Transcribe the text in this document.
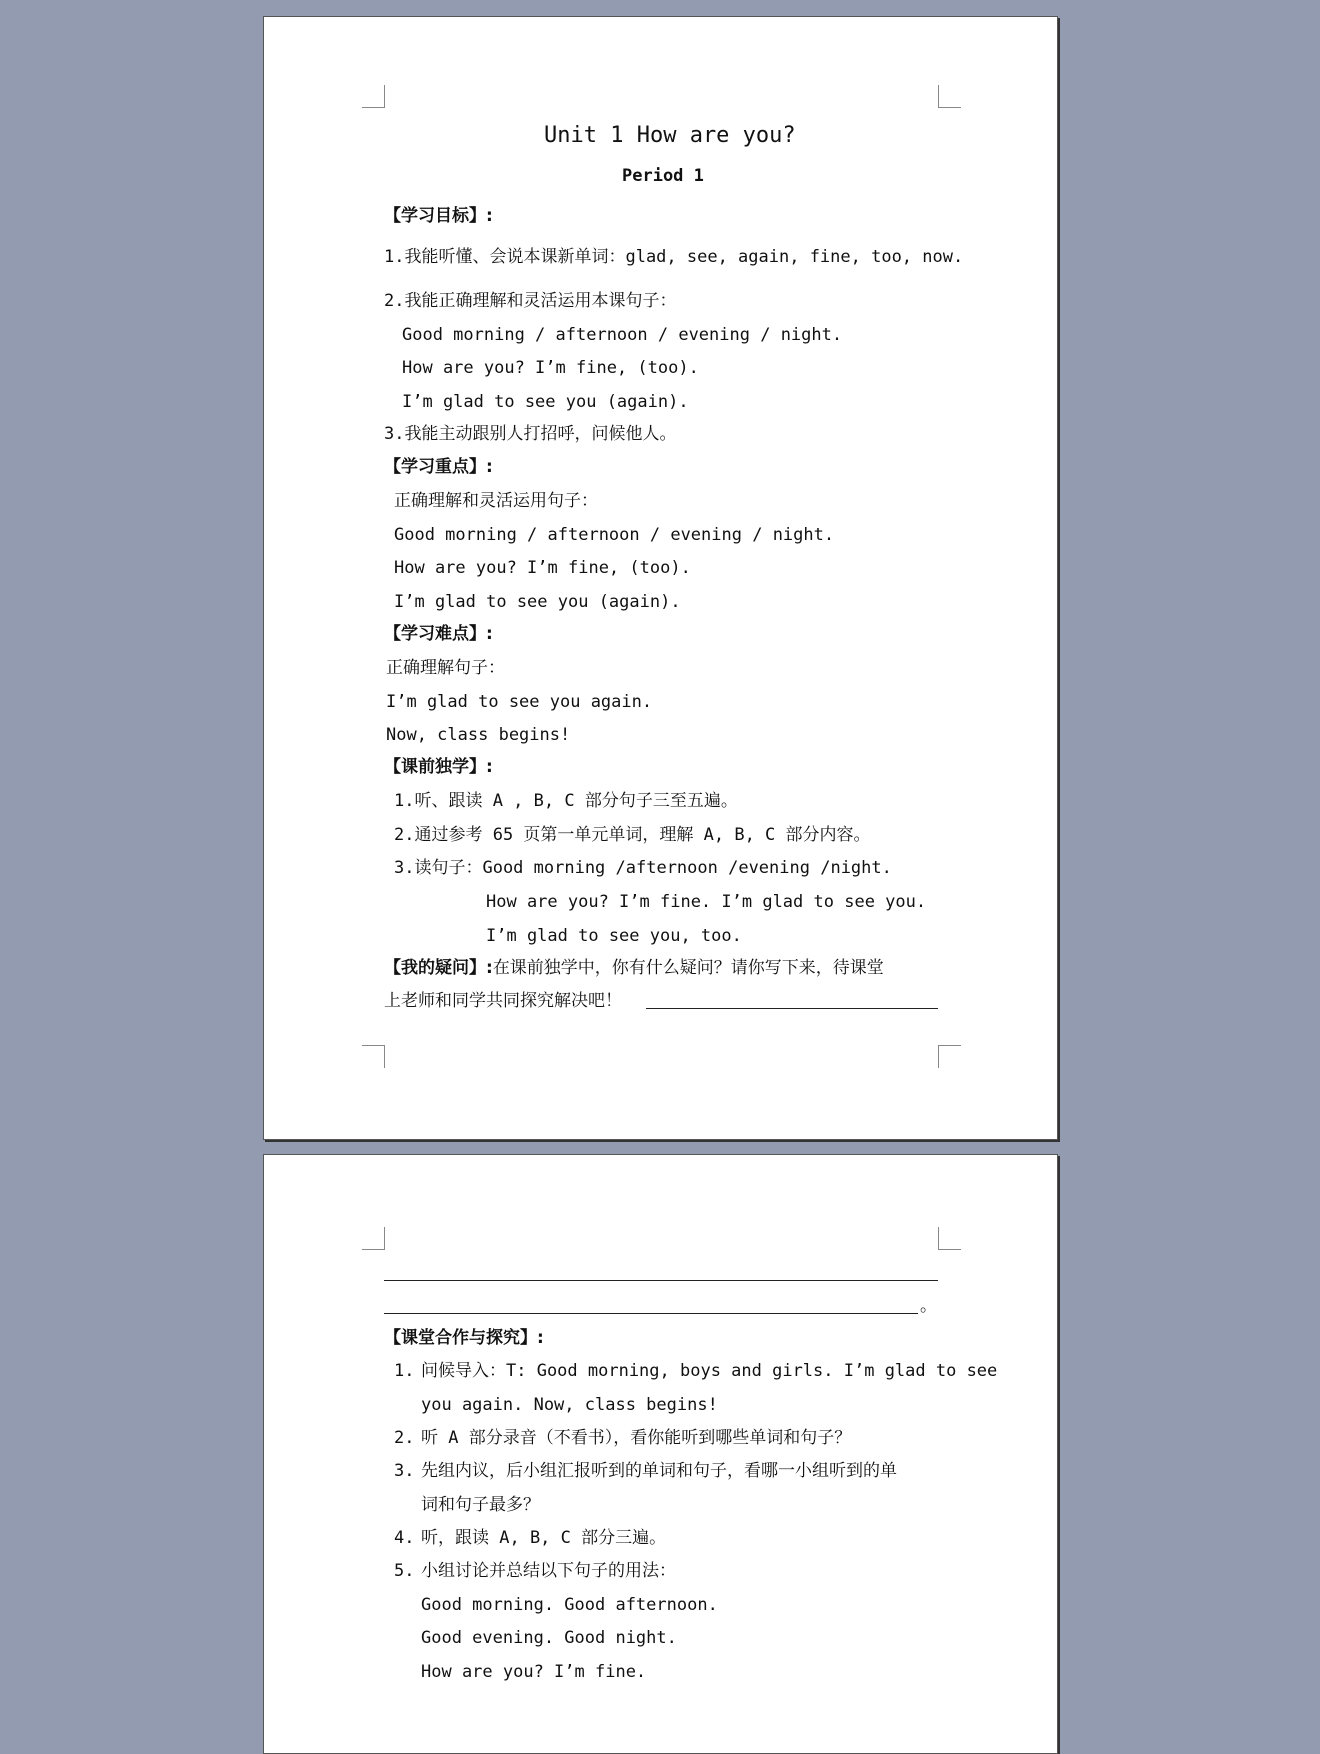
Unit 1 How are you?
Period 1
【学习目标】:
1.我能听懂、会说本课新单词：glad, see, again, fine, too, now.
2.我能正确理解和灵活运用本课句子：
Good morning / afternoon / evening / night.
How are you? I’m fine, (too).
I’m glad to see you (again).
3.我能主动跟别人打招呼，问候他人。
【学习重点】:
正确理解和灵活运用句子：
Good morning / afternoon / evening / night.
How are you? I’m fine, (too).
I’m glad to see you (again).
【学习难点】:
正确理解句子：
I’m glad to see you again.
Now, class begins!
【课前独学】:
1.听、跟读 A , B, C 部分句子三至五遍。
2.通过参考 65 页第一单元单词，理解 A, B, C 部分内容。
3.读句子：Good morning /afternoon /evening /night.
How are you? I’m fine. I’m glad to see you.
I’m glad to see you, too.
【我的疑问】:在课前独学中，你有什么疑问？请你写下来，待课堂
上老师和同学共同探究解决吧！
。
【课堂合作与探究】:
1. 问候导入：T: Good morning, boys and girls. I’m glad to see
you again. Now, class begins!
2. 听 A 部分录音（不看书），看你能听到哪些单词和句子？
3. 先组内议，后小组汇报听到的单词和句子，看哪一小组听到的单
词和句子最多？
4. 听，跟读 A, B, C 部分三遍。
5. 小组讨论并总结以下句子的用法：
Good morning. Good afternoon.
Good evening. Good night.
How are you? I’m fine.
